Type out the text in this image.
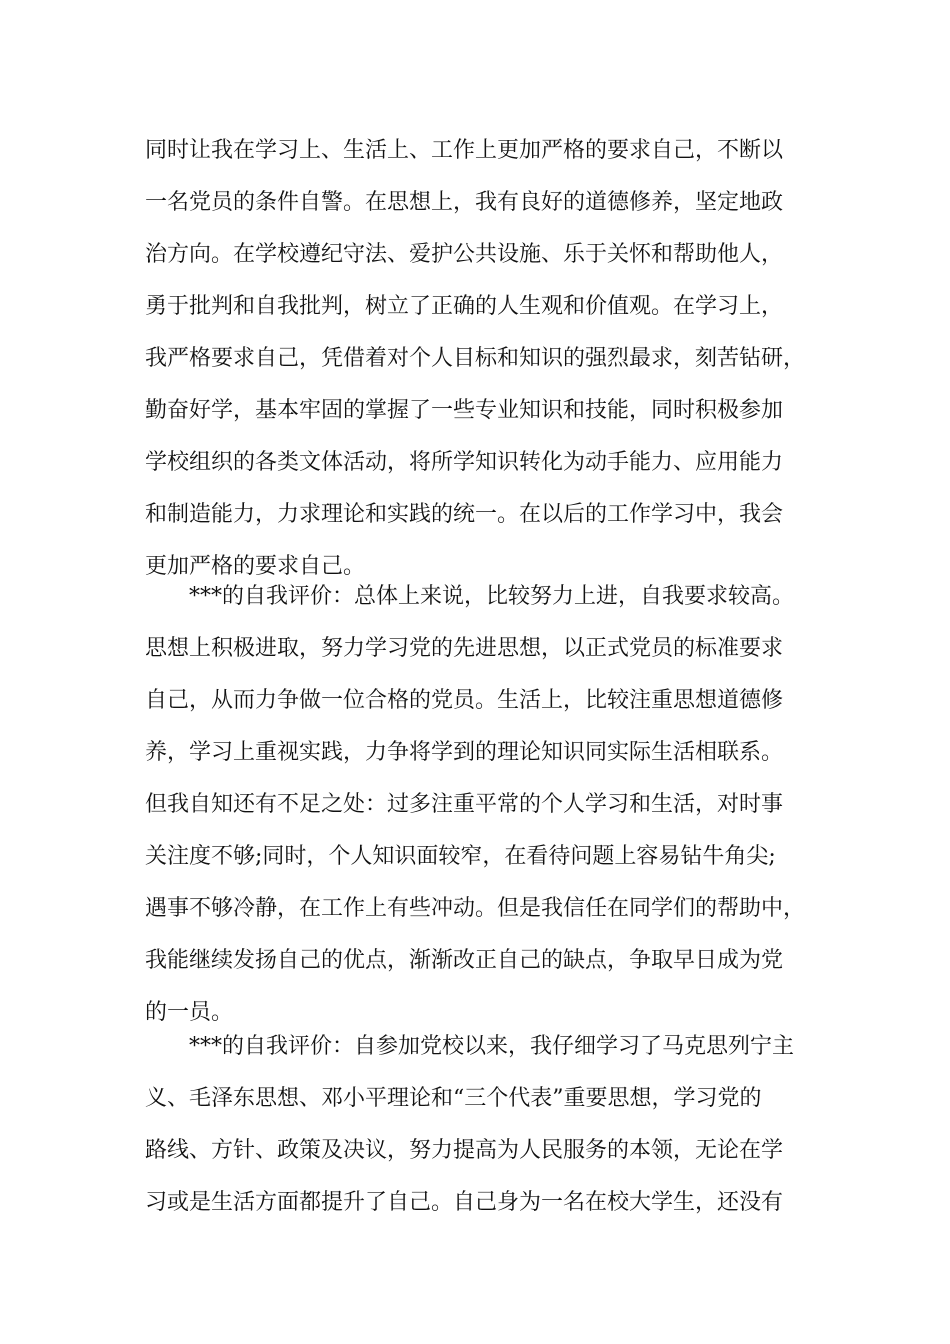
同时让我在学习上、生活上、工作上更加严格的要求自己，不断以
一名党员的条件自警。在思想上，我有良好的道德修养，坚定地政
治方向。在学校遵纪守法、爱护公共设施、乐于关怀和帮助他人，
勇于批判和自我批判，树立了正确的人生观和价值观。在学习上，
我严格要求自己，凭借着对个人目标和知识的强烈最求，刻苦钻研，
勤奋好学，基本牢固的掌握了一些专业知识和技能，同时积极参加
学校组织的各类文体活动，将所学知识转化为动手能力、应用能力
和制造能力，力求理论和实践的统一。在以后的工作学习中，我会
更加严格的要求自己。
***的自我评价：总体上来说，比较努力上进，自我要求较高。
思想上积极进取，努力学习党的先进思想，以正式党员的标准要求
自己，从而力争做一位合格的党员。生活上，比较注重思想道德修
养，学习上重视实践，力争将学到的理论知识同实际生活相联系。
但我自知还有不足之处：过多注重平常的个人学习和生活，对时事
关注度不够;同时，个人知识面较窄，在看待问题上容易钻牛角尖;
遇事不够冷静，在工作上有些冲动。但是我信任在同学们的帮助中，
我能继续发扬自己的优点，渐渐改正自己的缺点，争取早日成为党
的一员。
***的自我评价：自参加党校以来，我仔细学习了马克思列宁主
义、毛泽东思想、邓小平理论和“三个代表”重要思想，学习党的
路线、方针、政策及决议，努力提高为人民服务的本领，无论在学
习或是生活方面都提升了自己。自己身为一名在校大学生，还没有
